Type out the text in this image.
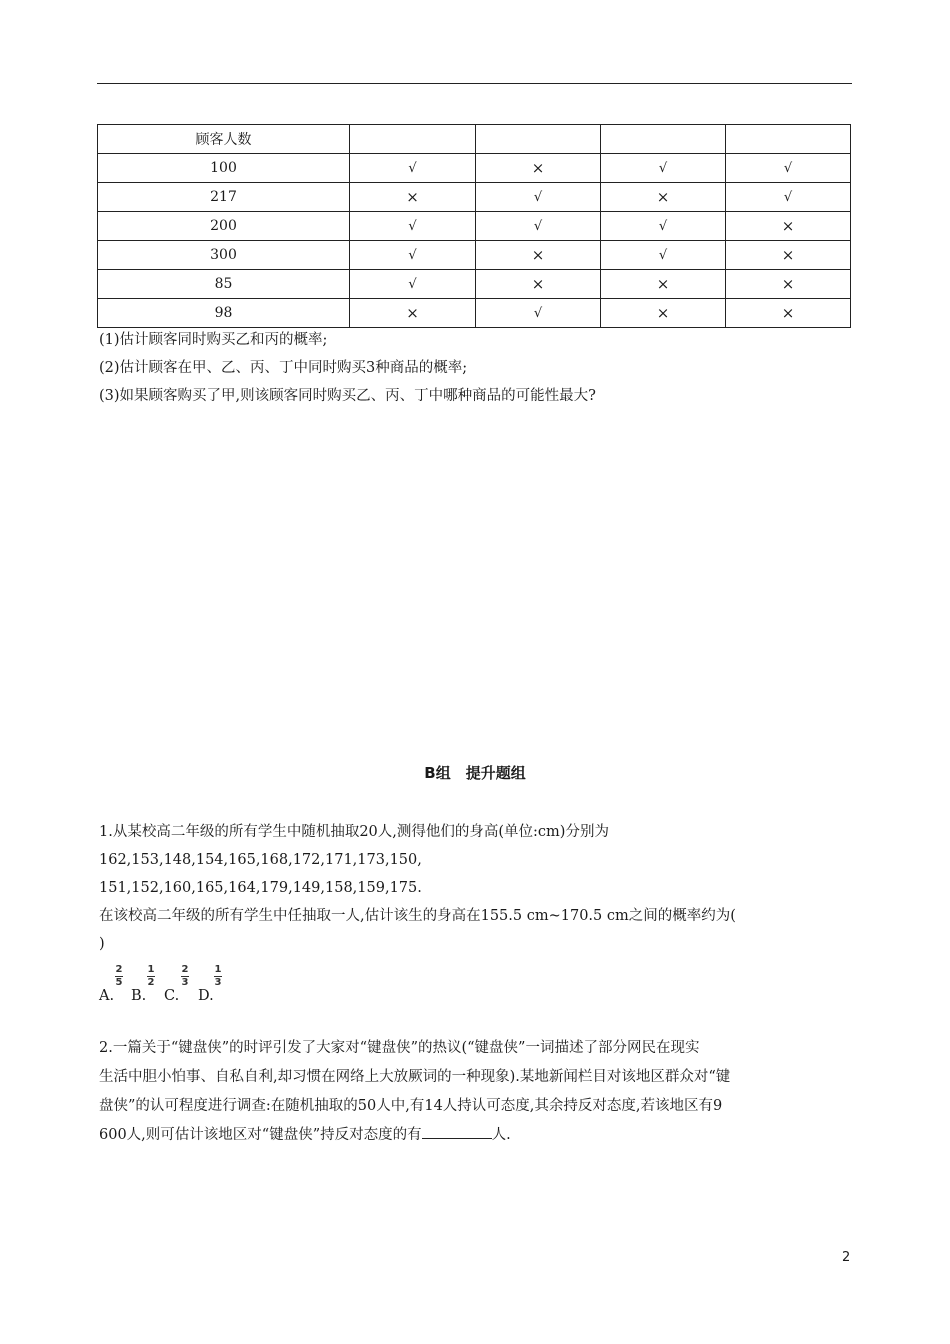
顾客人数				
100	√	×	√	√
217	×	√	×	√
200	√	√	√	×
300	√	×	√	×
85	√	×	×	×
98	×	√	×	×
(1)估计顾客同时购买乙和丙的概率;
(2)估计顾客在甲、乙、丙、丁中同时购买3种商品的概率;
(3)如果顾客购买了甲,则该顾客同时购买乙、丙、丁中哪种商品的可能性最大?
B组　提升题组
1.从某校高二年级的所有学生中随机抽取20人,测得他们的身高(单位:cm)分别为
162,153,148,154,165,168,172,171,173,150,
151,152,160,165,164,179,149,158,159,175.
在该校高二年级的所有学生中任抽取一人,估计该生的身高在155.5 cm~170.5 cm之间的概率约为(
)
A.
2
5
B.
1
2
C.
2
3
D.
1
3
2.一篇关于“键盘侠”的时评引发了大家对“键盘侠”的热议(“键盘侠”一词描述了部分网民在现实
生活中胆小怕事、自私自利,却习惯在网络上大放厥词的一种现象).某地新闻栏目对该地区群众对“键
盘侠”的认可程度进行调查:在随机抽取的50人中,有14人持认可态度,其余持反对态度,若该地区有9
600人,则可估计该地区对“键盘侠”持反对态度的有	人.
2
